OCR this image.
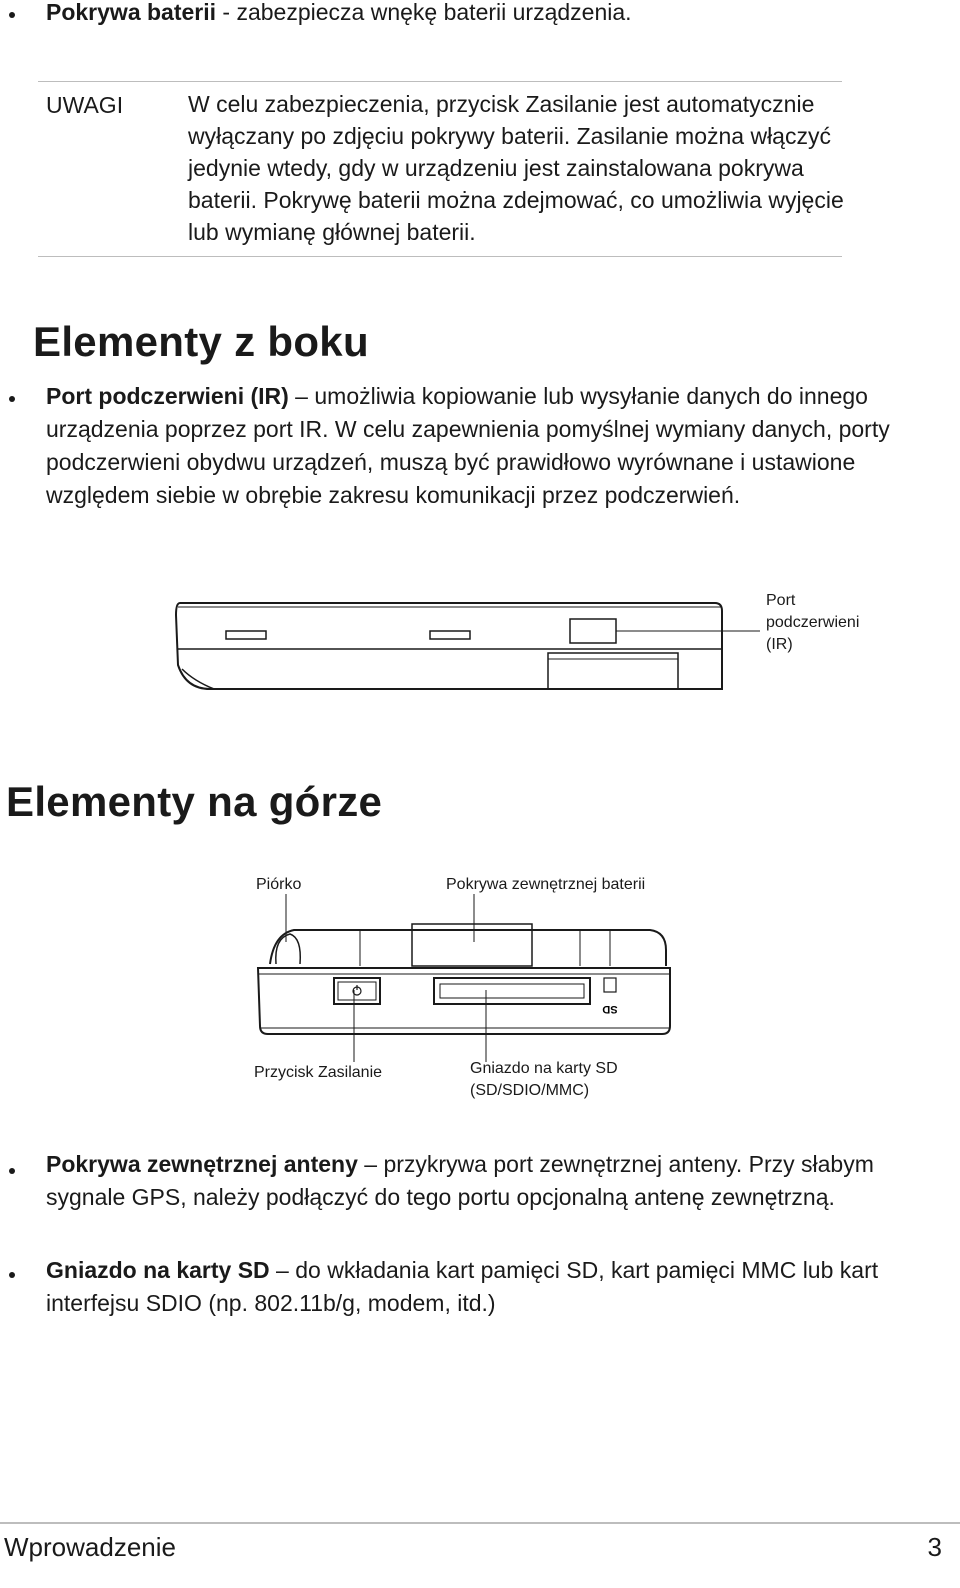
Pokrywa baterii - zabezpiecza wnękę baterii urządzenia.
UWAGI	W celu zabezpieczenia, przycisk Zasilanie jest automatycznie wyłączany po zdjęciu pokrywy baterii. Zasilanie można włączyć jedynie wtedy, gdy w urządzeniu jest zainstalowana pokrywa baterii. Pokrywę baterii można zdejmować, co umożliwia wyjęcie lub wymianę głównej baterii.
Elementy z boku
Port podczerwieni (IR) – umożliwia kopiowanie lub wysyłanie danych do innego urządzenia poprzez port IR. W celu zapewnienia pomyślnej wymiany danych, porty podczerwieni obydwu urządzeń, muszą być prawidłowo wyrównane i ustawione względem siebie w obrębie zakresu komunikacji przez podczerwień.
Port
podczerwieni
(IR)
Elementy na górze
Piórko	Pokrywa zewnętrznej baterii
SD
Przycisk Zasilanie	Gniazdo na karty SD
(SD/SDIO/MMC)
Pokrywa zewnętrznej anteny – przykrywa port zewnętrznej anteny. Przy słabym sygnale GPS, należy podłączyć do tego portu opcjonalną antenę zewnętrzną.
Gniazdo na karty SD – do wkładania kart pamięci SD, kart pamięci MMC lub kart interfejsu SDIO (np. 802.11b/g, modem, itd.)
Wprowadzenie	3
